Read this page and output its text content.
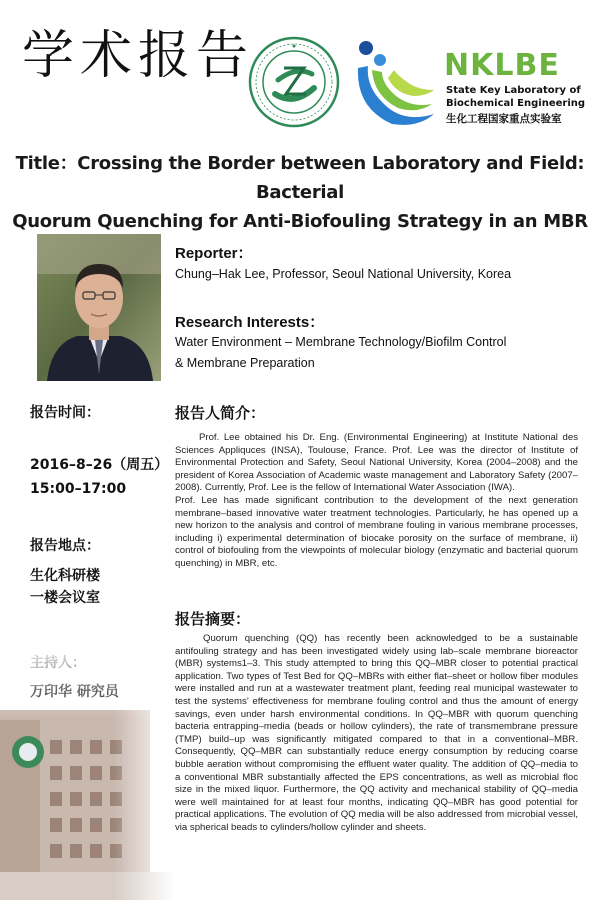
学术报告	NKLBE
State Key Laboratory of
Biochemical Engineering
生化工程国家重点实验室
Title：Crossing the Border between Laboratory and Field: Bacterial
Quorum Quenching for Anti-Biofouling Strategy in an MBR
Reporter：
Chung–Hak Lee, Professor, Seoul National University, Korea
Research Interests：
Water Environment – Membrane Technology/Biofilm Control
& Membrane Preparation
报告时间：
2016–8–26（周五）
15:00–17:00
报告地点：
生化科研楼
一楼会议室
报告人简介：

Prof. Lee obtained his Dr. Eng. (Environmental Engineering) at Institute National des Sciences Appliquces (INSA), Toulouse, France. Prof. Lee was the director of Institute of Environmental Protection and Safety, Seoul National University, Korea (2004–2008) and the president of Korea Association of Academic waste management and Laboratory Safety (2007–2008). Currently, Prof. Lee is the fellow of International Water Association (IWA).

Prof. Lee has made significant contribution to the development of the next generation membrane–based innovative water treatment technologies. Particularly, he has opened up a new horizon to the analysis and control of membrane fouling in various membrane processes, including i) experimental determination of biocake porosity on the surface of membrane, ii) control of biofouling from the viewpoints of molecular biology (enzymatic and bacterial quorum quenching) in MBR, etc.

报告摘要：

Quorum quenching (QQ) has recently been acknowledged to be a sustainable antifouling strategy and has been investigated widely using lab–scale membrane bioreactor (MBR) systems1–3. This study attempted to bring this QQ–MBR closer to potential practical application. Two types of Test Bed for QQ–MBRs with either flat–sheet or hollow fiber modules were installed and run at a wastewater treatment plant, feeding real municipal wastewater to test the systems’ effectiveness for membrane fouling control and thus the amount of energy savings, even under harsh environmental conditions. In QQ–MBR with quorum quenching bacteria entrapping–media (beads or hollow cylinders), the rate of transmembrane pressure (TMP) build–up was significantly mitigated compared to that in a conventional–MBR. Consequently, QQ–MBR can substantially reduce energy consumption by reducing coarse bubble aeration without compromising the effluent water quality. The addition of QQ–media to a conventional MBR substantially affected the EPS concentrations, as well as microbial floc size in the mixed liquor. Furthermore, the QQ activity and mechanical stability of QQ–media were well maintained for at least four months, indicating QQ–MBR has good potential for practical applications. The evolution of QQ media will be also addressed from microbial vessel, via spherical beads to cylinders/hollow cylinder and sheets.
